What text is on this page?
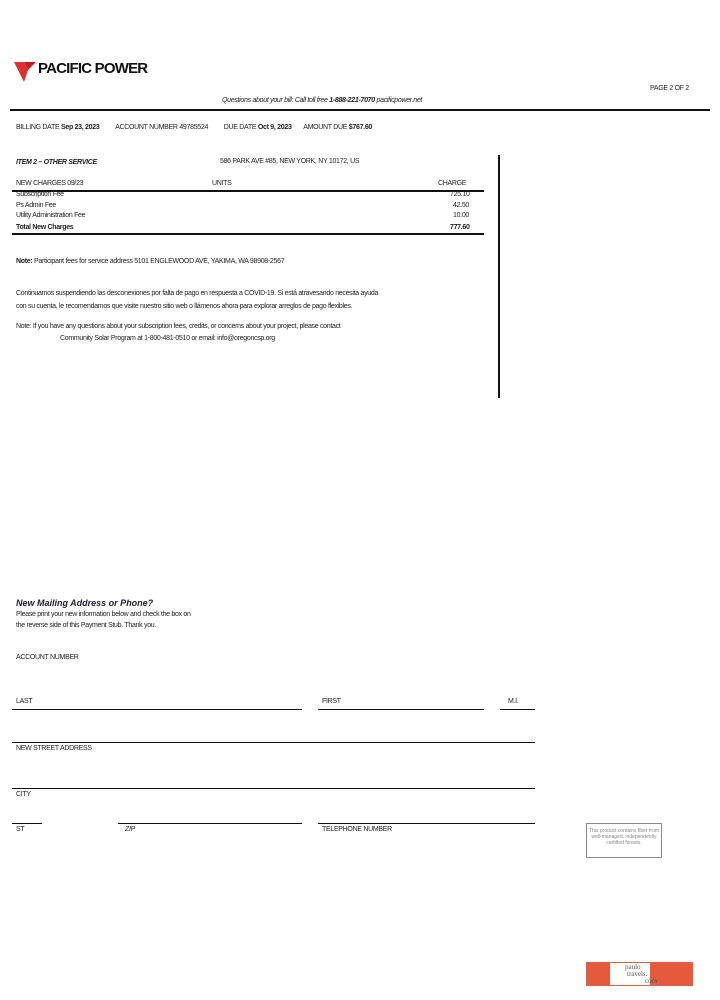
PACIFIC POWER
PAGE 2 OF 2
Questions about your bill: Call toll free 1-888-221-7070 pacificpower.net
BILLING DATE Sep 23, 2023 ACCOUNT NUMBER 49785524 DUE DATE Oct 9, 2023 AMOUNT DUE $767.60
ITEM 2 – OTHER SERVICE	586 PARK AVE #85, NEW YORK, NY 10172, US
NEW CHARGES 09/23	UNITS	CHARGE
Subscription Fee	725.10
Ps Admin Fee	42.50
Utility Administration Fee	10.00
Total New Charges	777.60
Note: Participant fees for service address 5101 ENGLEWOOD AVE, YAKIMA, WA 98908-2567
Continuamos suspendiendo las desconexiones por falta de pago en respuesta a COVID-19. Si está atravesando necesita ayuda
con su cuenta, le recomendamos que visite nuestro sitio web o llámenos ahora para explorar arreglos de pago flexibles.
Note: If you have any questions about your subscription fees, credits, or concerns about your project, please contact
Community Solar Program at 1-800-481-0510 or email: info@oregoncsp.org
New Mailing Address or Phone?
Please print your new information below and check the box on
the reverse side of this Payment Stub. Thank you.
ACCOUNT NUMBER
LAST	FIRST	M.I.
NEW STREET ADDRESS
CITY
ST	ZIP	TELEPHONE NUMBER	This product contains fiber from well-managed, independently certified forests.
paulo
travels.
com
